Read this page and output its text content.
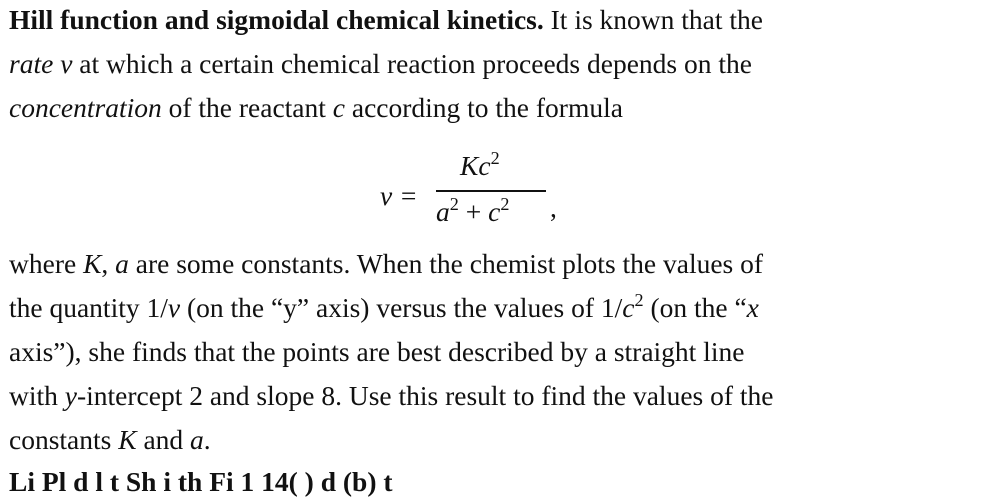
Hill function and sigmoidal chemical kinetics. It is known that the
rate v at which a certain chemical reaction proceeds depends on the
concentration of the reactant c according to the formula
v =
$Kc^2$
$a^2 + c^2$ ,
where K, a are some constants. When the chemist plots the values of
the quantity 1/v (on the “y” axis) versus the values of $1/c^2$ (on the “x
axis”), she finds that the points are best described by a straight line
with y-intercept 2 and slope 8. Use this result to find the values of the
constants K and a.
Li Pl d l t Sh i th Fi 1 14( ) d (b) t
